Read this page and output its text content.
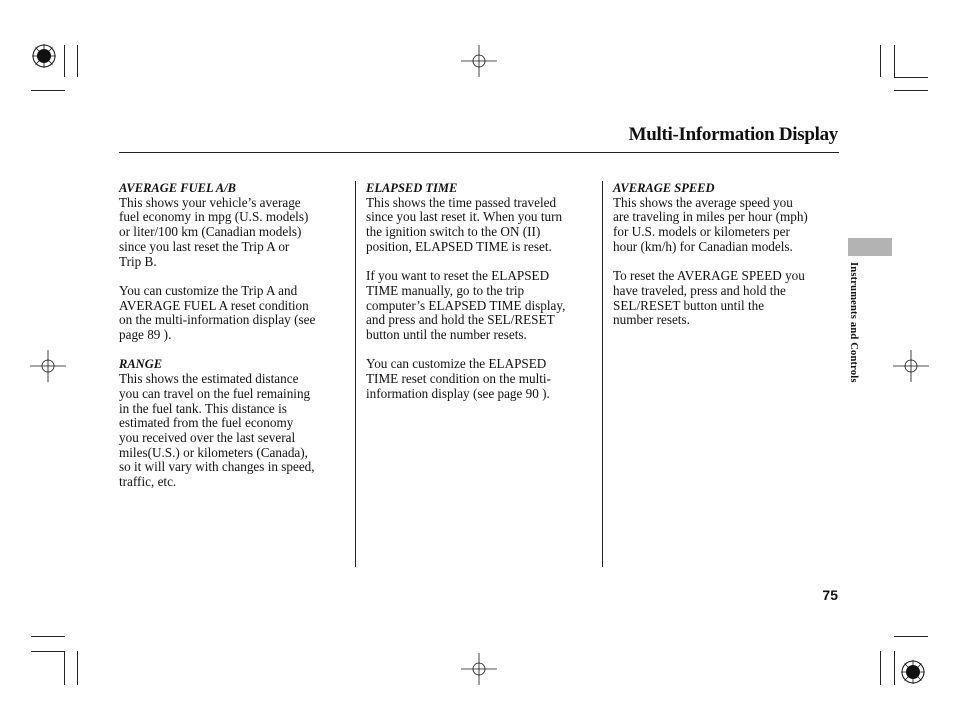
Multi-Information Display
AVERAGE FUEL A/B

This shows your vehicle’s average
fuel economy in mpg (U.S. models)
or liter/100 km (Canadian models)
since you last reset the Trip A or
Trip B.

You can customize the Trip A and
AVERAGE FUEL A reset condition
on the multi-information display (see
page 89 ).

RANGE

This shows the estimated distance
you can travel on the fuel remaining
in the fuel tank. This distance is
estimated from the fuel economy
you received over the last several
miles(U.S.) or kilometers (Canada),
so it will vary with changes in speed,
traffic, etc.

ELAPSED TIME

This shows the time passed traveled
since you last reset it. When you turn
the ignition switch to the ON (II)
position, ELAPSED TIME is reset.

If you want to reset the ELAPSED
TIME manually, go to the trip
computer’s ELAPSED TIME display,
and press and hold the SEL/RESET
button until the number resets.

You can customize the ELAPSED
TIME reset condition on the multi-
information display (see page 90 ).

AVERAGE SPEED

This shows the average speed you
are traveling in miles per hour (mph)
for U.S. models or kilometers per
hour (km/h) for Canadian models.

To reset the AVERAGE SPEED you
have traveled, press and hold the
SEL/RESET button until the
number resets.	Instruments and Controls
75
